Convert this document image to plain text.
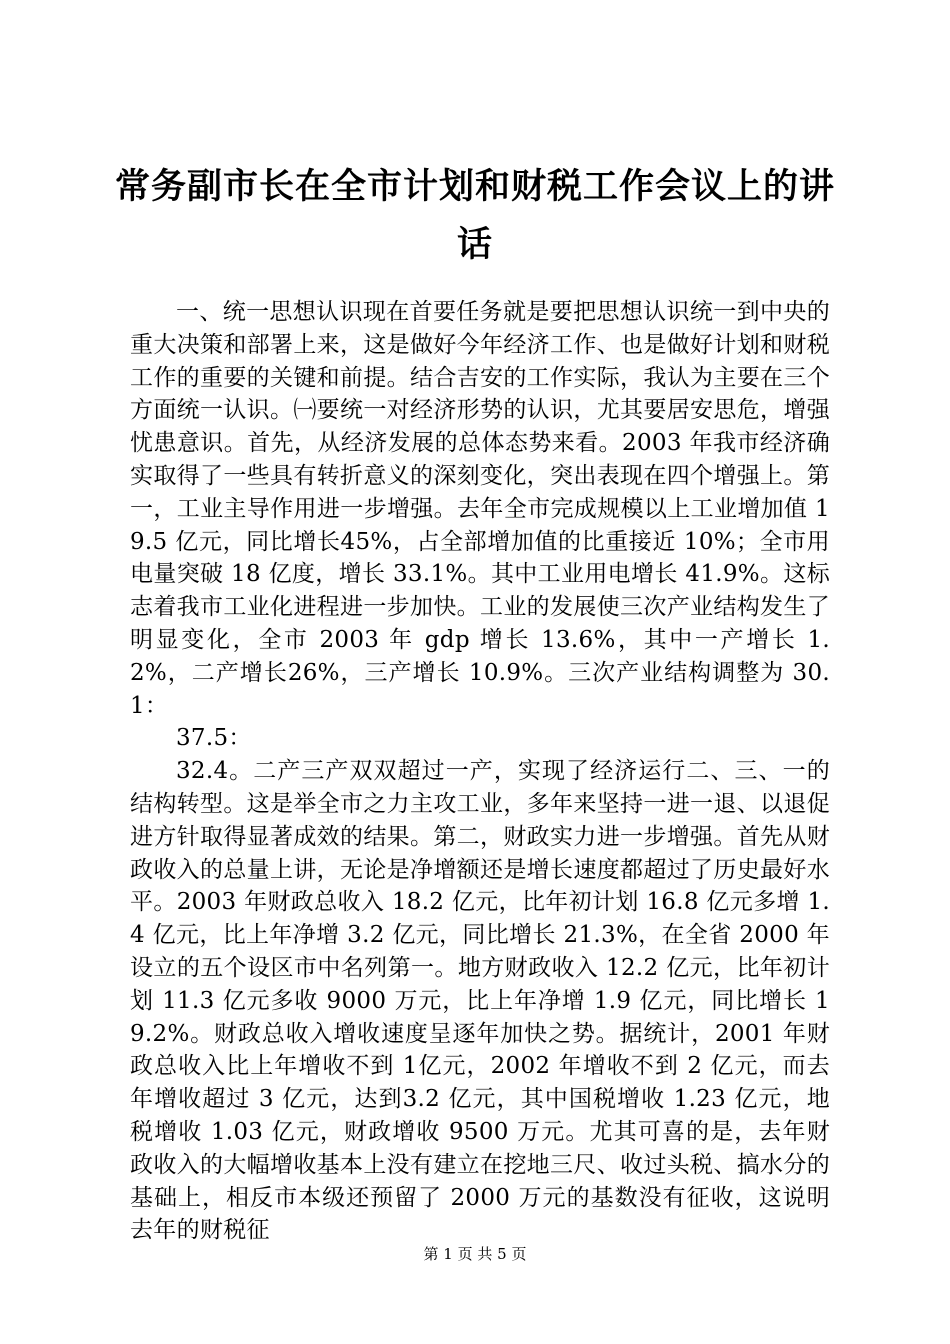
常务副市长在全市计划和财税工作会议上的讲话

一、统一思想认识现在首要任务就是要把思想认识统一到中央的重大决策和部署上来，这是做好今年经济工作、也是做好计划和财税工作的重要的关键和前提。结合吉安的工作实际，我认为主要在三个方面统一认识。㈠要统一对经济形势的认识，尤其要居安思危，增强忧患意识。首先，从经济发展的总体态势来看。2003 年我市经济确实取得了一些具有转折意义的深刻变化，突出表现在四个增强上。第一，工业主导作用进一步增强。去年全市完成规模以上工业增加值 19.5 亿元，同比增长45%，占全部增加值的比重接近 10%；全市用电量突破 18 亿度，增长 33.1%。其中工业用电增长 41.9%。这标志着我市工业化进程进一步加快。工业的发展使三次产业结构发生了明显变化，全市 2003 年 gdp 增长 13.6%，其中一产增长 1.2%，二产增长26%，三产增长 10.9%。三次产业结构调整为 30.1：

37.5：

32.4。二产三产双双超过一产，实现了经济运行二、三、一的结构转型。这是举全市之力主攻工业，多年来坚持一进一退、以退促进方针取得显著成效的结果。第二，财政实力进一步增强。首先从财政收入的总量上讲，无论是净增额还是增长速度都超过了历史最好水平。2003 年财政总收入 18.2 亿元，比年初计划 16.8 亿元多增 1.4 亿元，比上年净增 3.2 亿元，同比增长 21.3%，在全省 2000 年设立的五个设区市中名列第一。地方财政收入 12.2 亿元，比年初计划 11.3 亿元多收 9000 万元，比上年净增 1.9 亿元，同比增长 19.2%。财政总收入增收速度呈逐年加快之势。据统计，2001 年财政总收入比上年增收不到 1亿元，2002 年增收不到 2 亿元，而去年增收超过 3 亿元，达到3.2 亿元，其中国税增收 1.23 亿元，地税增收 1.03 亿元，财政增收 9500 万元。尤其可喜的是，去年财政收入的大幅增收基本上没有建立在挖地三尺、收过头税、搞水分的基础上，相反市本级还预留了 2000 万元的基数没有征收，这说明去年的财税征

第 1 页 共 5 页
